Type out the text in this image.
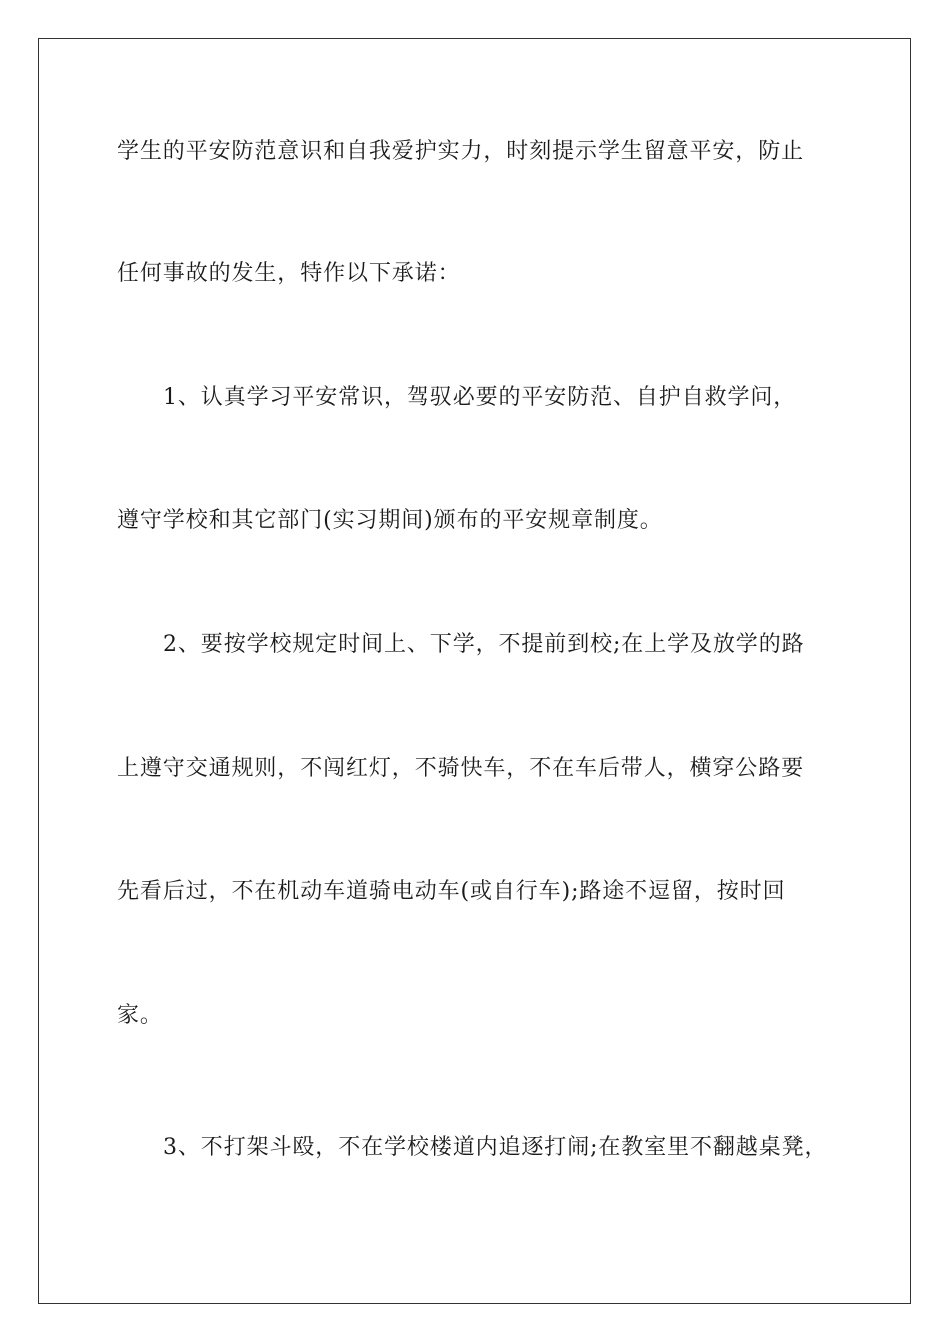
学生的平安防范意识和自我爱护实力，时刻提示学生留意平安，防止
任何事故的发生，特作以下承诺：
1、认真学习平安常识，驾驭必要的平安防范、自护自救学问，
遵守学校和其它部门(实习期间)颁布的平安规章制度。
2、要按学校规定时间上、下学，不提前到校;在上学及放学的路
上遵守交通规则，不闯红灯，不骑快车，不在车后带人，横穿公路要
先看后过，不在机动车道骑电动车(或自行车);路途不逗留，按时回
家。
3、不打架斗殴，不在学校楼道内追逐打闹;在教室里不翻越桌凳，
